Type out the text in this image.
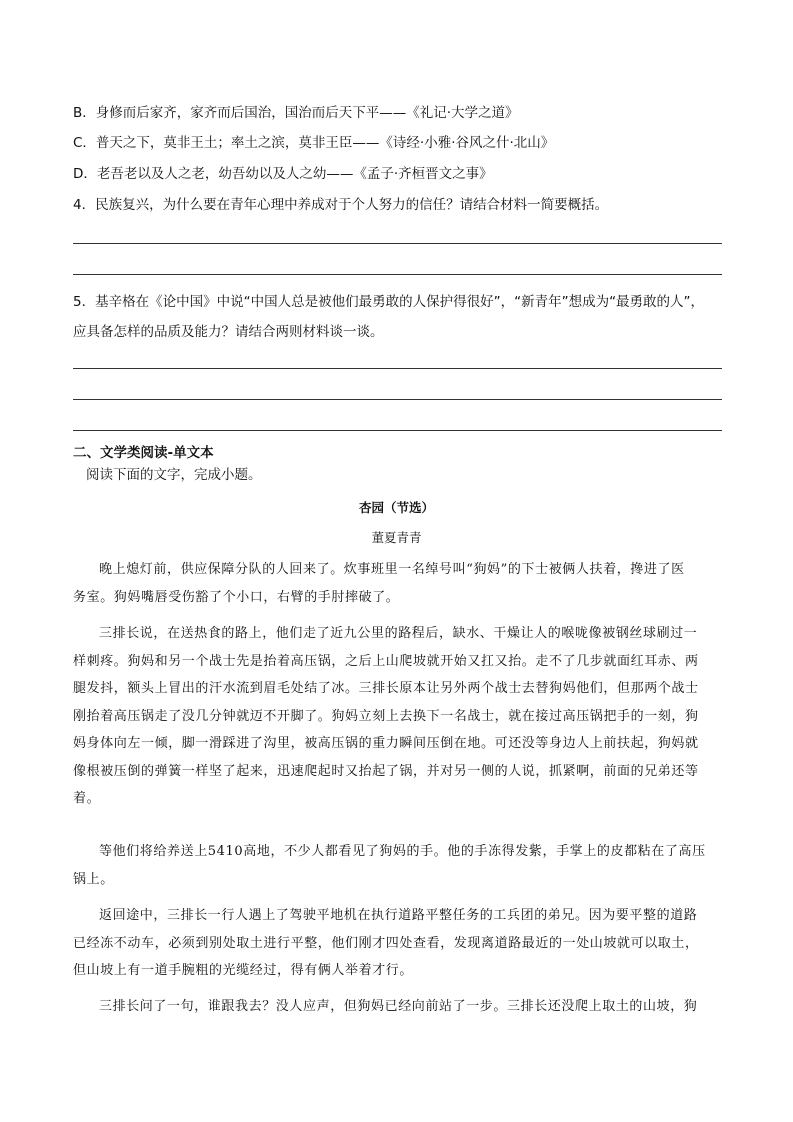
B．身修而后家齐，家齐而后国治，国治而后天下平——《礼记·大学之道》
C．普天之下，莫非王土；率土之滨，莫非王臣——《诗经·小雅·谷风之什·北山》
D．老吾老以及人之老，幼吾幼以及人之幼——《孟子·齐桓晋文之事》
4．民族复兴，为什么要在青年心理中养成对于个人努力的信任？请结合材料一简要概括。
5．基辛格在《论中国》中说“中国人总是被他们最勇敢的人保护得很好”，“新青年”想成为“最勇敢的人”，
应具备怎样的品质及能力？请结合两则材料谈一谈。
二、文学类阅读-单文本
阅读下面的文字，完成小题。
杏园（节选）
董夏青青
晚上熄灯前，供应保障分队的人回来了。炊事班里一名绰号叫“狗妈”的下士被俩人扶着，搀进了医
务室。狗妈嘴唇受伤豁了个小口，右臂的手肘摔破了。
三排长说，在送热食的路上，他们走了近九公里的路程后，缺水、干燥让人的喉咙像被钢丝球刷过一
样刺疼。狗妈和另一个战士先是抬着高压锅，之后上山爬坡就开始又扛又抬。走不了几步就面红耳赤、两
腿发抖，额头上冒出的汗水流到眉毛处结了冰。三排长原本让另外两个战士去替狗妈他们，但那两个战士
刚抬着高压锅走了没几分钟就迈不开脚了。狗妈立刻上去换下一名战士，就在接过高压锅把手的一刻，狗
妈身体向左一倾，脚一滑踩进了沟里，被高压锅的重力瞬间压倒在地。可还没等身边人上前扶起，狗妈就
像根被压倒的弹簧一样坚了起来，迅速爬起时又抬起了锅，并对另一侧的人说，抓紧啊，前面的兄弟还等
着。
等他们将给养送上5410高地，不少人都看见了狗妈的手。他的手冻得发紫，手掌上的皮都粘在了高压
锅上。
返回途中，三排长一行人遇上了驾驶平地机在执行道路平整任务的工兵团的弟兄。因为要平整的道路
已经冻不动车，必须到别处取土进行平整，他们刚才四处查看，发现离道路最近的一处山坡就可以取土，
但山坡上有一道手腕粗的光缆经过，得有俩人举着才行。
三排长问了一句，谁跟我去？没人应声，但狗妈已经向前站了一步。三排长还没爬上取土的山坡，狗
